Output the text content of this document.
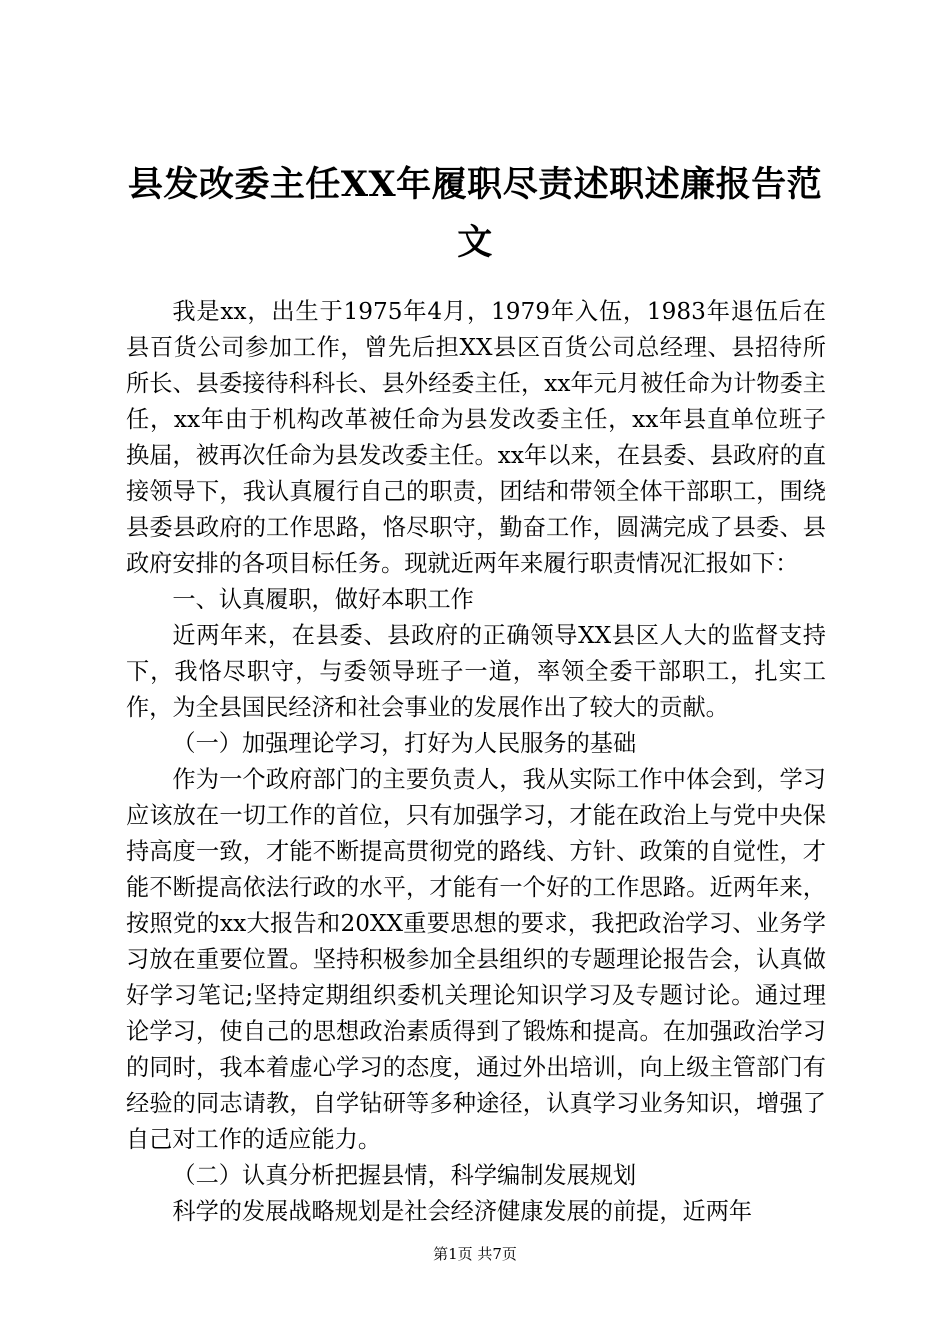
县发改委主任XX年履职尽责述职述廉报告范文

我是xx，出生于1975年4月，1979年入伍，1983年退伍后在县百货公司参加工作，曾先后担XX县区百货公司总经理、县招待所所长、县委接待科科长、县外经委主任，xx年元月被任命为计物委主任，xx年由于机构改革被任命为县发改委主任，xx年县直单位班子换届，被再次任命为县发改委主任。xx年以来，在县委、县政府的直接领导下，我认真履行自己的职责，团结和带领全体干部职工，围绕县委县政府的工作思路，恪尽职守，勤奋工作，圆满完成了县委、县政府安排的各项目标任务。现就近两年来履行职责情况汇报如下：

一、认真履职，做好本职工作

近两年来，在县委、县政府的正确领导XX县区人大的监督支持下，我恪尽职守，与委领导班子一道，率领全委干部职工，扎实工作，为全县国民经济和社会事业的发展作出了较大的贡献。

（一）加强理论学习，打好为人民服务的基础

作为一个政府部门的主要负责人，我从实际工作中体会到，学习应该放在一切工作的首位，只有加强学习，才能在政治上与党中央保持高度一致，才能不断提高贯彻党的路线、方针、政策的自觉性，才能不断提高依法行政的水平，才能有一个好的工作思路。近两年来，按照党的xx大报告和20XX重要思想的要求，我把政治学习、业务学习放在重要位置。坚持积极参加全县组织的专题理论报告会，认真做好学习笔记;坚持定期组织委机关理论知识学习及专题讨论。通过理论学习，使自己的思想政治素质得到了锻炼和提高。在加强政治学习的同时，我本着虚心学习的态度，通过外出培训，向上级主管部门有经验的同志请教，自学钻研等多种途径，认真学习业务知识，增强了自己对工作的适应能力。

（二）认真分析把握县情，科学编制发展规划

科学的发展战略规划是社会经济健康发展的前提，近两年

第1页 共7页
